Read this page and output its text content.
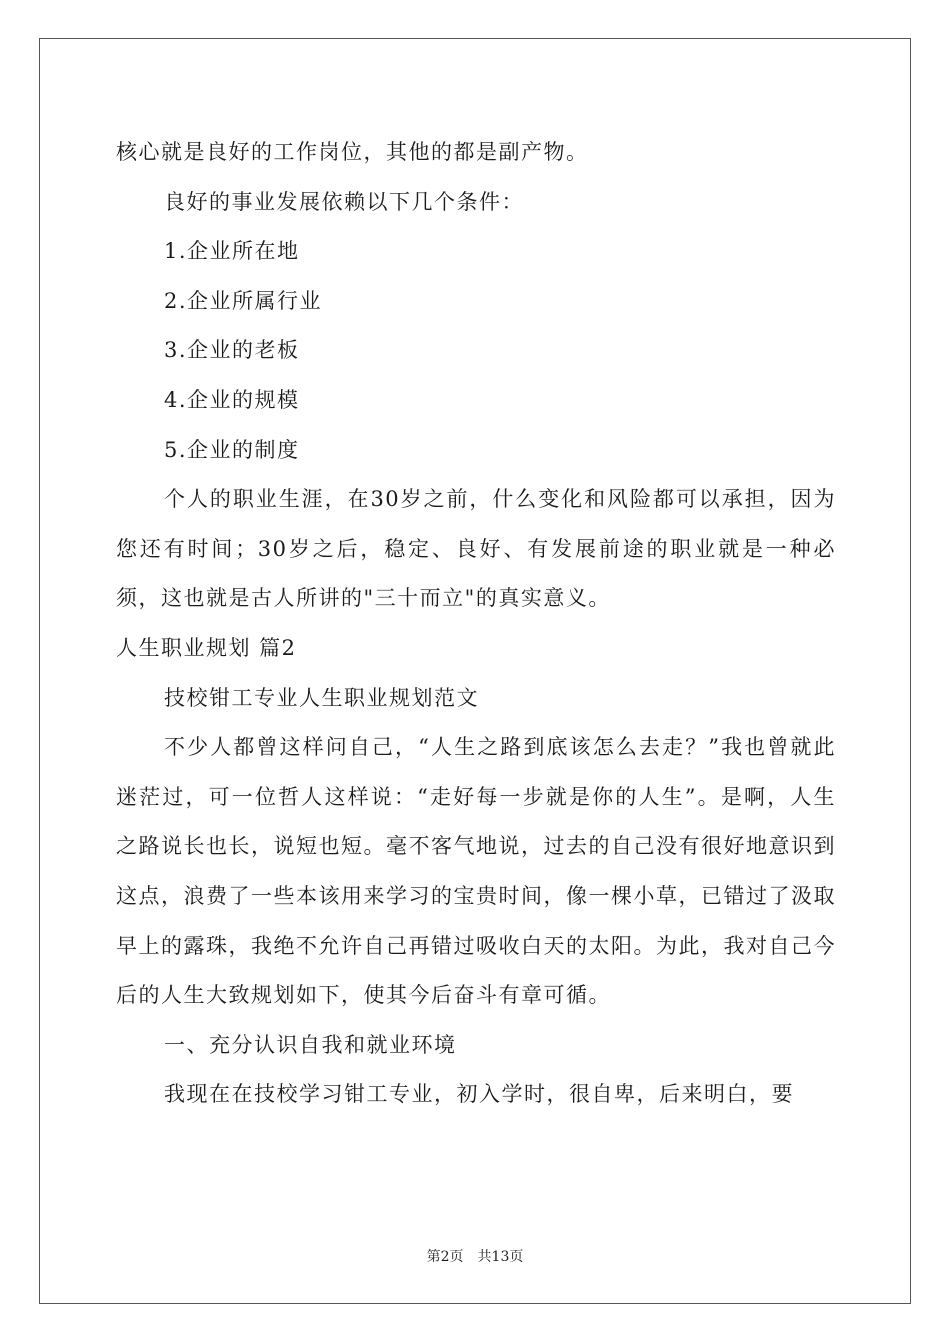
核心就是良好的工作岗位，其他的都是副产物。

良好的事业发展依赖以下几个条件：

1.企业所在地

2.企业所属行业

3.企业的老板

4.企业的规模

5.企业的制度

个人的职业生涯，在30岁之前，什么变化和风险都可以承担，因为您还有时间；30岁之后，稳定、良好、有发展前途的职业就是一种必须，这也就是古人所讲的"三十而立"的真实意义。

人生职业规划 篇2

技校钳工专业人生职业规划范文

不少人都曾这样问自己，“人生之路到底该怎么去走？”我也曾就此迷茫过，可一位哲人这样说：“走好每一步就是你的人生”。是啊，人生之路说长也长，说短也短。毫不客气地说，过去的自己没有很好地意识到这点，浪费了一些本该用来学习的宝贵时间，像一棵小草，已错过了汲取早上的露珠，我绝不允许自己再错过吸收白天的太阳。为此，我对自己今后的人生大致规划如下，使其今后奋斗有章可循。

一、充分认识自我和就业环境

我现在在技校学习钳工专业，初入学时，很自卑，后来明白，要

第2页 共13页
